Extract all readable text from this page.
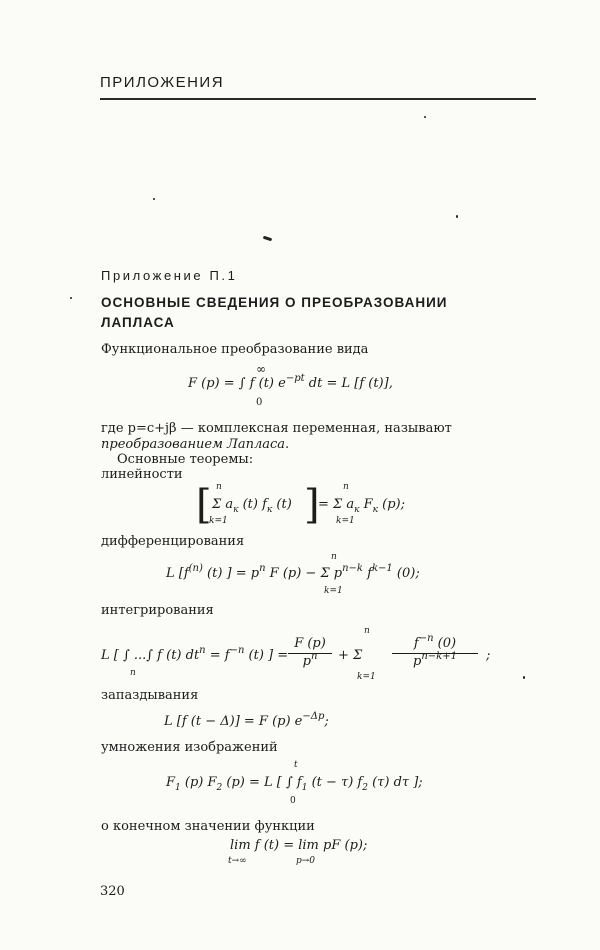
ПРИЛОЖЕНИЯ
Приложение П.1
ОСНОВНЫЕ СВЕДЕНИЯ О ПРЕОБРАЗОВАНИИ ЛАПЛАСА
Функциональное преобразование вида
F (p) = ∫ f (t) $e^{-pt}$ dt = L [f (t)],
∞
0
где p=c+jβ — комплексная переменная, называют преобразованием Лапласа.
Основные теоремы:
линейности
[ Σ $a_к$ (t) $f_к$ (t) ]
= Σ $a_к$ $F_к$ (p);
n
k=1
n
k=1
дифференцирования
L [$f^{(n)}$ (t) ] = $p^n$ F (p) − Σ $p^{n-k}$ $f^{k-1}$ (0);
n
k=1
интегрирования
L [ ∫ ...∫ f (t) $dt^n = f^{-n}$ (t) ] =
n
F (p)
$p^n$	+ Σ
n
k=1
$f^{-n}$ (0)
$p^{n-k+1}$	;
запаздывания
L [f (t − Δ)] = F (p) $e^{-\Delta p}$;
умножения изображений
$F_1$ (p) $F_2$ (p) = L [ ∫ $f_1$ (t − τ) $f_2$ (τ) dτ ];
t
0
о конечном значении функции
lim f (t) = lim pF (p);
t→∞	p→0
320
